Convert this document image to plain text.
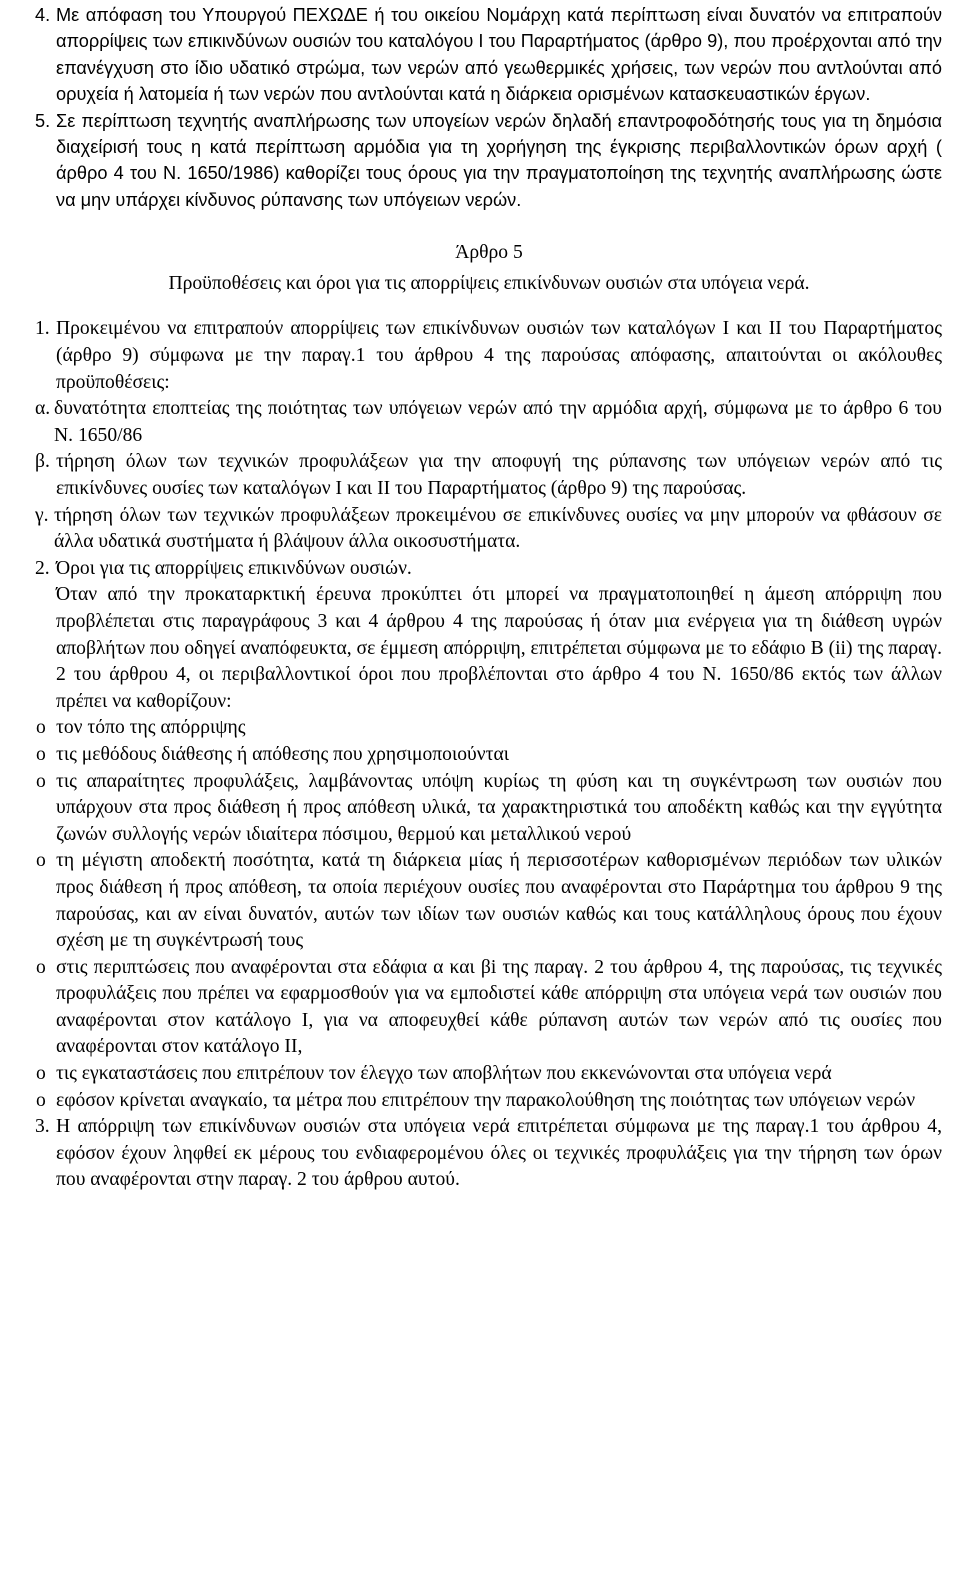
4. Με απόφαση του Υπουργού ΠΕΧΩΔΕ ή του οικείου Νομάρχη κατά περίπτωση είναι δυνατόν να επιτραπούν απορρίψεις των επικινδύνων ουσιών του καταλόγου Ι του Παραρτήματος (άρθρο 9), που προέρχονται από την επανέγχυση στο ίδιο υδατικό στρώμα, των νερών από γεωθερμικές χρήσεις, των νερών που αντλούνται από ορυχεία ή λατομεία ή των νερών που αντλούνται κατά η διάρκεια ορισμένων κατασκευαστικών έργων.

5. Σε περίπτωση τεχνητής αναπλήρωσης των υπογείων νερών δηλαδή επαντροφοδότησής τους για τη δημόσια διαχείρισή τους η κατά περίπτωση αρμόδια για τη χορήγηση της έγκρισης περιβαλλοντικών όρων αρχή ( άρθρο 4 του Ν. 1650/1986) καθορίζει τους όρους για την πραγματοποίηση της τεχνητής αναπλήρωσης ώστε να μην υπάρχει κίνδυνος ρύπανσης των υπόγειων νερών.

Άρθρο 5

Προϋποθέσεις και όροι για τις απορρίψεις επικίνδυνων ουσιών στα υπόγεια νερά.

1. Προκειμένου να επιτραπούν απορρίψεις των επικίνδυνων ουσιών των καταλόγων Ι και ΙΙ του Παραρτήματος (άρθρο 9) σύμφωνα με την παραγ.1 του άρθρου 4 της παρούσας απόφασης, απαιτούνται οι ακόλουθες προϋποθέσεις:

α. δυνατότητα εποπτείας της ποιότητας των υπόγειων νερών από την αρμόδια αρχή, σύμφωνα με το άρθρο 6 του Ν. 1650/86

β. τήρηση όλων των τεχνικών προφυλάξεων για την αποφυγή της ρύπανσης των υπόγειων νερών από τις επικίνδυνες ουσίες των καταλόγων Ι και ΙΙ του Παραρτήματος (άρθρο 9) της παρούσας.

γ. τήρηση όλων των τεχνικών προφυλάξεων προκειμένου σε επικίνδυνες ουσίες να μην μπορούν να φθάσουν σε άλλα υδατικά συστήματα ή βλάψουν άλλα οικοσυστήματα.

2. Όροι για τις απορρίψεις επικινδύνων ουσιών.

Όταν από την προκαταρκτική έρευνα προκύπτει ότι μπορεί να πραγματοποιηθεί η άμεση απόρριψη που προβλέπεται στις παραγράφους 3 και 4 άρθρου 4 της παρούσας ή όταν μια ενέργεια για τη διάθεση υγρών αποβλήτων που οδηγεί αναπόφευκτα, σε έμμεση απόρριψη, επιτρέπεται σύμφωνα με το εδάφιο Β (ii) της παραγ. 2 του άρθρου 4, οι περιβαλλοντικοί όροι που προβλέπονται στο άρθρο 4 του Ν. 1650/86 εκτός των άλλων πρέπει να καθορίζουν:

o τον τόπο της απόρριψης

o τις μεθόδους διάθεσης ή απόθεσης που χρησιμοποιούνται

o τις απαραίτητες προφυλάξεις, λαμβάνοντας υπόψη κυρίως τη φύση και τη συγκέντρωση των ουσιών που υπάρχουν στα προς διάθεση ή προς απόθεση υλικά, τα χαρακτηριστικά του αποδέκτη καθώς και την εγγύτητα ζωνών συλλογής νερών ιδιαίτερα πόσιμου, θερμού και μεταλλικού νερού

o τη μέγιστη αποδεκτή ποσότητα, κατά τη διάρκεια μίας ή περισσοτέρων καθορισμένων περιόδων των υλικών προς διάθεση ή προς απόθεση, τα οποία περιέχουν ουσίες που αναφέρονται στο Παράρτημα του άρθρου 9 της παρούσας, και αν είναι δυνατόν, αυτών των ιδίων των ουσιών καθώς και τους κατάλληλους όρους που έχουν σχέση με τη συγκέντρωσή τους

o στις περιπτώσεις που αναφέρονται στα εδάφια α και βi της παραγ. 2 του άρθρου 4, της παρούσας, τις τεχνικές προφυλάξεις που πρέπει να εφαρμοσθούν για να εμποδιστεί κάθε απόρριψη στα υπόγεια νερά των ουσιών που αναφέρονται στον κατάλογο Ι, για να αποφευχθεί κάθε ρύπανση αυτών των νερών από τις ουσίες που αναφέρονται στον κατάλογο ΙΙ,

o τις εγκαταστάσεις που επιτρέπουν τον έλεγχο των αποβλήτων που εκκενώνονται στα υπόγεια νερά

o εφόσον κρίνεται αναγκαίο, τα μέτρα που επιτρέπουν την παρακολούθηση της ποιότητας των υπόγειων νερών

3. Η απόρριψη των επικίνδυνων ουσιών στα υπόγεια νερά επιτρέπεται σύμφωνα με της παραγ.1 του άρθρου 4, εφόσον έχουν ληφθεί εκ μέρους του ενδιαφερομένου όλες οι τεχνικές προφυλάξεις για την τήρηση των όρων που αναφέρονται στην παραγ. 2 του άρθρου αυτού.
